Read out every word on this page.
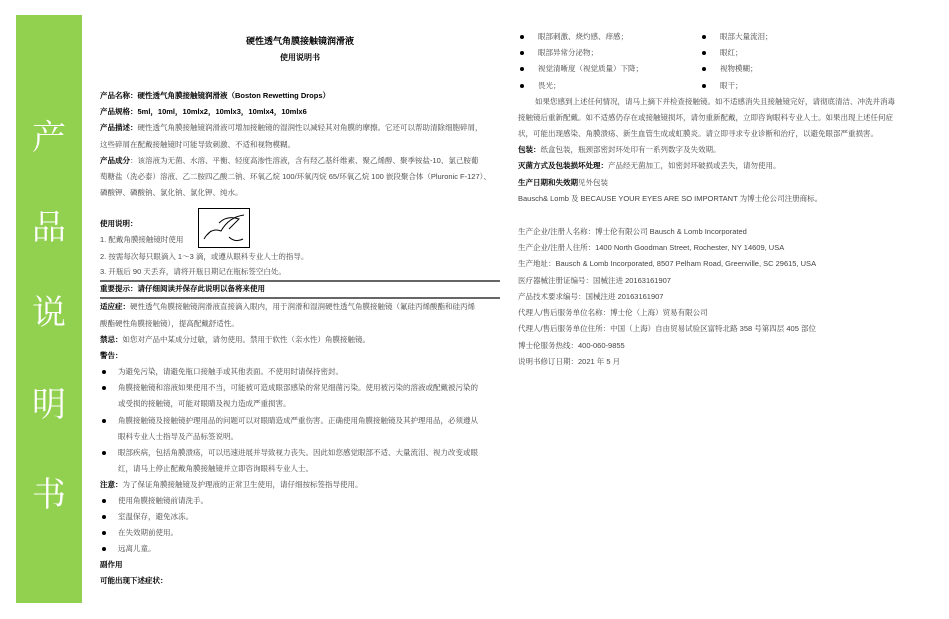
产
品
说
明
书
硬性透气角膜接触镜润滑液
使用说明书
产品名称：硬性透气角膜接触镜润滑液（Boston Rewetting Drops）
产品规格：5ml，10ml，10mlx2，10mlx3，10mlx4，10mlx6
产品描述：硬性透气角膜接触镜润滑液可增加接触镜的湿润性以减轻其对角膜的摩擦。它还可以帮助清除细胞碎屑，
这些碎屑在配戴接触镜时可能导致刺激、不适和视物模糊。
产品成分：该溶液为无菌、水溶、平衡、轻度高渗性溶液，含有羟乙基纤维素、聚乙烯醇、聚季铵盐-10、氯己胺葡
萄糖盐（洗必泰）溶液、乙二胺四乙酸二钠、环氧乙烷 100/环氧丙烷 65/环氧乙烷 100 嵌段聚合体（Pluronic F-127）、
磷酸钾、磷酸钠、氯化钠、氯化钾、纯水。
使用说明：
1. 配戴角膜接触镜时使用
2. 按需每次每只眼滴入 1～3 滴，或遵从眼科专业人士的指导。
3. 开瓶后 90 天丢弃，请将开瓶日期记在瓶标签空白处。
重要提示：请仔细阅读并保存此说明以备将来使用
适应症：硬性透气角膜接触镜润滑液直接滴入眼内，用于润滑和湿润硬性透气角膜接触镜（氟硅丙烯酸酯和硅丙烯
酸酯硬性角膜接触镜），提高配戴舒适性。
禁忌：如您对产品中某成分过敏，请勿使用。禁用于软性（亲水性）角膜接触镜。
警告：
为避免污染，请避免瓶口接触手或其他表面。不使用时请保持密封。
角膜接触镜和溶液如果使用不当，可能被可造成眼部感染的常见细菌污染。使用被污染的溶液或配戴被污染的
或受损的接触镜，可能对眼睛及视力造成严重损害。
角膜接触镜及接触镜护理用品的问题可以对眼睛造成严重伤害。正确使用角膜接触镜及其护理用品，必须遵从
眼科专业人士指导及产品标签说明。
眼部疾病，包括角膜溃疡，可以迅速进展并导致视力丧失。因此如您感觉眼部不适、大量流泪、视力改变或眼
红，请马上停止配戴角膜接触镜并立即咨询眼科专业人士。
注意：为了保证角膜接触镜及护理液的正常卫生使用，请仔细按标签指导使用。
使用角膜接触镜前请洗手。
室温保存，避免冰冻。
在失效期前使用。
远离儿童。
副作用
可能出现下述症状：
眼部刺激、烧灼感、痒感；	眼部大量流泪；
眼部异常分泌物；	眼红；
视觉清晰度（视觉质量）下降；	视物模糊；
畏光；	眼干；
如果您感到上述任何情况，请马上摘下并检查接触镜。如不适感消失且接触镜完好，请彻底清洁、冲洗并消毒
接触镜后重新配戴。如不适感仍存在或接触镜损坏，请勿重新配戴，立即咨询眼科专业人士。如果出现上述任何症
状，可能出现感染、角膜溃疡、新生血管生成或虹膜炎。请立即寻求专业诊断和治疗，以避免眼部严重损害。
包装：纸盒包装，瓶颈部密封环处印有一系列数字及失效期。
灭菌方式及包装损坏处理：产品经无菌加工，如密封环破损或丢失，请勿使用。
生产日期和失效期见外包装
Bausch& Lomb 及 BECAUSE YOUR EYES ARE SO IMPORTANT 为博士伦公司注册商标。
生产企业/注册人名称：博士伦有限公司 Bausch & Lomb Incorporated
生产企业/注册人住所：1400 North Goodman Street, Rochester, NY 14609, USA
生产地址：Bausch & Lomb Incorporated, 8507 Pelham Road, Greenville, SC 29615, USA
医疗器械注册证编号：国械注进 20163161907
产品技术要求编号：国械注进 20163161907
代理人/售后服务单位名称：博士伦（上海）贸易有限公司
代理人/售后服务单位住所：中国（上海）自由贸易试验区富特北路 358 号第四层 405 部位
博士伦服务热线：400-060-9855
说明书修订日期：2021 年 5 月
